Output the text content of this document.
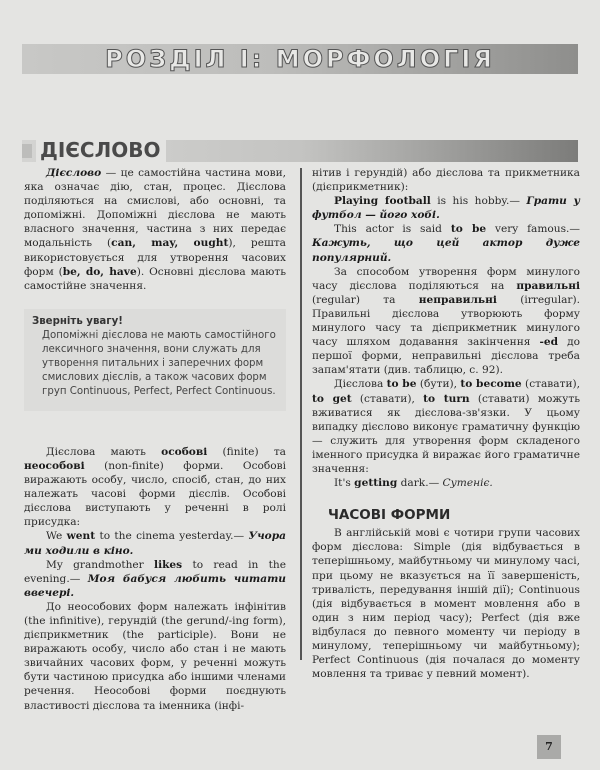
РОЗДІЛ І: МОРФОЛОГІЯ
ДІЄСЛОВО

Дієслово — це самостійна частина мови, яка означає дію, стан, процес. Дієслова поділяються на смислові, або основні, та допоміжні. Допоміжні дієслова не мають власного значення, частина з них передає модальність (can, may, ought), решта використовується для утворення часових форм (be, do, have). Основні дієслова мають самостійне значення.

Зверніть увагу!
Допоміжні дієслова не мають самостійного лексичного значення, вони служать для утворення питальних і заперечних форм смислових дієслів, а також часових форм груп Continuous, Perfect, Perfect Continuous.

Дієслова мають особові (finite) та неособові (non-finite) форми. Особові виражають особу, число, спосіб, стан, до них належать часові форми дієслів. Особові дієслова виступають у реченні в ролі присудка:

We went to the cinema yesterday.— Учора ми ходили в кіно.

My grandmother likes to read in the evening.— Моя бабуся любить читати ввечері.

До неособових форм належать інфінітив (the infinitive), герундій (the gerund/-ing form), дієприкметник (the participle). Вони не виражають особу, число або стан і не мають звичайних часових форм, у реченні можуть бути частиною присудка або іншими членами речення. Неособові форми поєднують властивості дієслова та іменника (інфі-

нітив і герундій) або дієслова та прикметника (дієприкметник):

Playing football is his hobby.— Грати у футбол — його хобі.

This actor is said to be very famous.— Кажуть, що цей актор дуже популярний.

За способом утворення форм минулого часу дієслова поділяються на правильні (regular) та неправильні (irregular). Правильні дієслова утворюють форму минулого часу та дієприкметник минулого часу шляхом додавання закінчення -ed до першої форми, неправильні дієслова треба запам'ятати (див. таблицю, с. 92).

Дієслова to be (бути), to become (ставати), to get (ставати), to turn (ставати) можуть вживатися як дієслова-зв'язки. У цьому випадку дієслово виконує граматичну функцію — служить для утворення форм складеного іменного присудка й виражає його граматичне значення:

It's getting dark.— Сутеніє.

ЧАСОВІ ФОРМИ

В англійській мові є чотири групи часових форм дієслова: Simple (дія відбувається в теперішньому, майбутньому чи минулому часі, при цьому не вказується на її завершеність, тривалість, передування іншій дії); Continuous (дія відбувається в момент мовлення або в один з ним період часу); Perfect (дія вже відбулася до певного моменту чи періоду в минулому, теперішньому чи майбутньому); Perfect Continuous (дія почалася до моменту мовлення та триває у певний момент).

7
